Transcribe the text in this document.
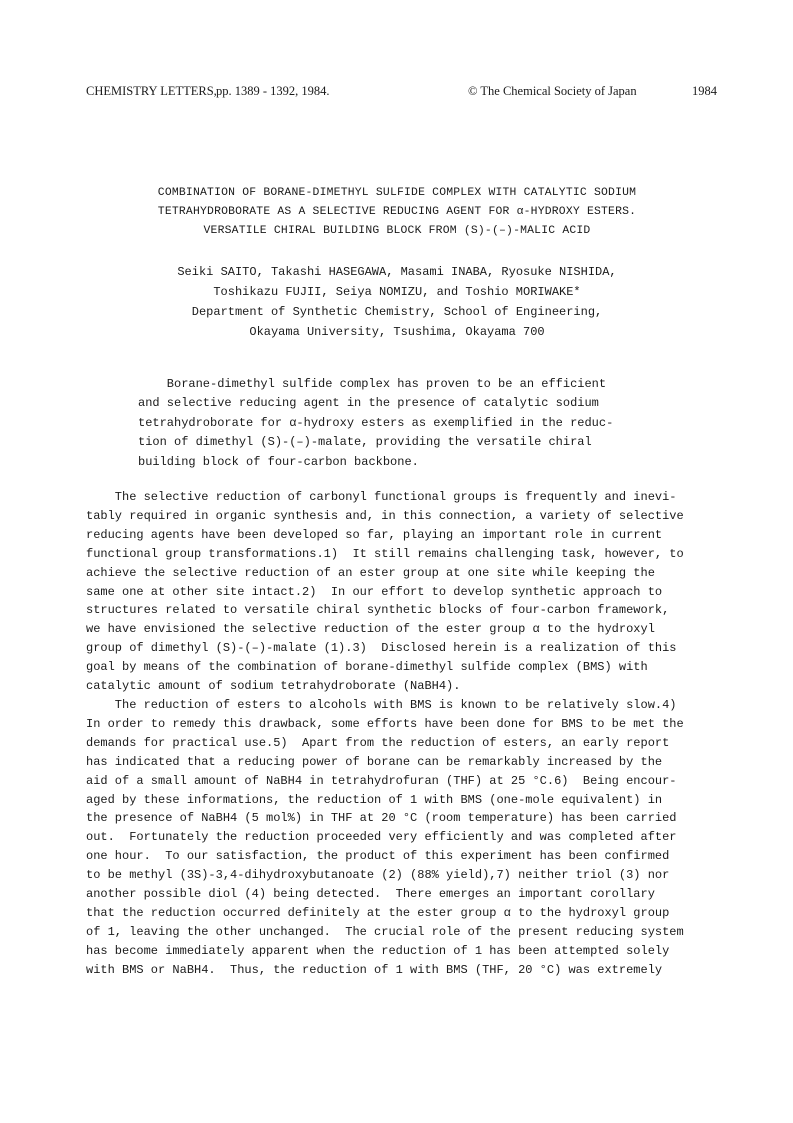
CHEMISTRY LETTERS, pp. 1389 - 1392, 1984.	© The Chemical Society of Japan	1984
COMBINATION OF BORANE-DIMETHYL SULFIDE COMPLEX WITH CATALYTIC SODIUM
TETRAHYDROBORATE AS A SELECTIVE REDUCING AGENT FOR α-HYDROXY ESTERS.
VERSATILE CHIRAL BUILDING BLOCK FROM (S)-(–)-MALIC ACID
Seiki SAITO, Takashi HASEGAWA, Masami INABA, Ryosuke NISHIDA,
Toshikazu FUJII, Seiya NOMIZU, and Toshio MORIWAKE*
Department of Synthetic Chemistry, School of Engineering,
Okayama University, Tsushima, Okayama 700

Borane-dimethyl sulfide complex has proven to be an efficient

and selective reducing agent in the presence of catalytic sodium

tetrahydroborate for α-hydroxy esters as exemplified in the reduc-

tion of dimethyl (S)-(–)-malate, providing the versatile chiral

building block of four-carbon backbone.

The selective reduction of carbonyl functional groups is frequently and inevi-

tably required in organic synthesis and, in this connection, a variety of selective

reducing agents have been developed so far, playing an important role in current

functional group transformations.1)  It still remains challenging task, however, to

achieve the selective reduction of an ester group at one site while keeping the

same one at other site intact.2)  In our effort to develop synthetic approach to

structures related to versatile chiral synthetic blocks of four-carbon framework,

we have envisioned the selective reduction of the ester group α to the hydroxyl

group of dimethyl (S)-(–)-malate (1).3)  Disclosed herein is a realization of this

goal by means of the combination of borane-dimethyl sulfide complex (BMS) with

catalytic amount of sodium tetrahydroborate (NaBH4).

The reduction of esters to alcohols with BMS is known to be relatively slow.4)

In order to remedy this drawback, some efforts have been done for BMS to be met the

demands for practical use.5)  Apart from the reduction of esters, an early report

has indicated that a reducing power of borane can be remarkably increased by the

aid of a small amount of NaBH4 in tetrahydrofuran (THF) at 25 °C.6)  Being encour-

aged by these informations, the reduction of 1 with BMS (one-mole equivalent) in

the presence of NaBH4 (5 mol%) in THF at 20 °C (room temperature) has been carried

out.  Fortunately the reduction proceeded very efficiently and was completed after

one hour.  To our satisfaction, the product of this experiment has been confirmed

to be methyl (3S)-3,4-dihydroxybutanoate (2) (88% yield),7) neither triol (3) nor

another possible diol (4) being detected.  There emerges an important corollary

that the reduction occurred definitely at the ester group α to the hydroxyl group

of 1, leaving the other unchanged.  The crucial role of the present reducing system

has become immediately apparent when the reduction of 1 has been attempted solely

with BMS or NaBH4.  Thus, the reduction of 1 with BMS (THF, 20 °C) was extremely
